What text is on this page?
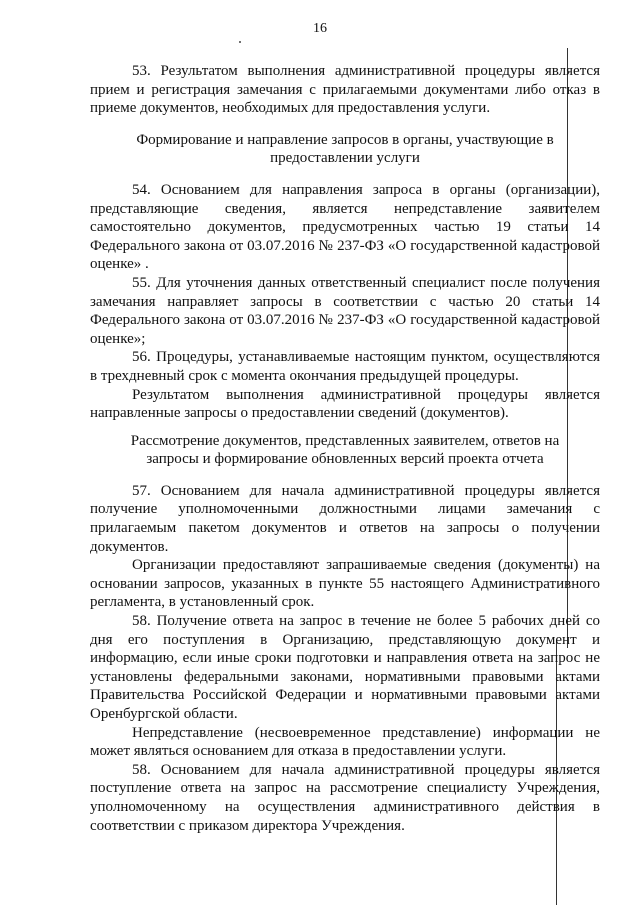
16

53. Результатом выполнения административной процедуры является прием и регистрация замечания с прилагаемыми документами либо отказ в приеме документов, необходимых для предоставления услуги.

Формирование и направление запросов в органы, участвующие в предоставлении услуги

54. Основанием для направления запроса в органы (организации), представляющие сведения, является непредставление заявителем самостоятельно документов, предусмотренных частью 19 статьи 14 Федерального закона от 03.07.2016 № 237-ФЗ «О государственной кадастровой оценке» .

55. Для уточнения данных ответственный специалист после получения замечания направляет запросы в соответствии с частью 20 статьи 14 Федерального закона от 03.07.2016 № 237-ФЗ «О государственной кадастровой оценке»;

56. Процедуры, устанавливаемые настоящим пунктом, осуществляются в трехдневный срок с момента окончания предыдущей процедуры.

Результатом выполнения административной процедуры является направленные запросы о предоставлении сведений (документов).

Рассмотрение документов, представленных заявителем, ответов на запросы и формирование обновленных версий проекта отчета

57. Основанием для начала административной процедуры является получение уполномоченными должностными лицами замечания с прилагаемым пакетом документов и ответов на запросы о получении документов.

Организации предоставляют запрашиваемые сведения (документы) на основании запросов, указанных в пункте 55 настоящего Административного регламента, в установленный срок.

58. Получение ответа на запрос в течение не более 5 рабочих дней со дня его поступления в Организацию, представляющую документ и информацию, если иные сроки подготовки и направления ответа на запрос не установлены федеральными законами, нормативными правовыми актами Правительства Российской Федерации и нормативными правовыми актами Оренбургской области.

Непредставление (несвоевременное представление) информации не может являться основанием для отказа в предоставлении услуги.

58. Основанием для начала административной процедуры является поступление ответа на запрос на рассмотрение специалисту Учреждения, уполномоченному на осуществления административного действия в соответствии с приказом директора Учреждения.
